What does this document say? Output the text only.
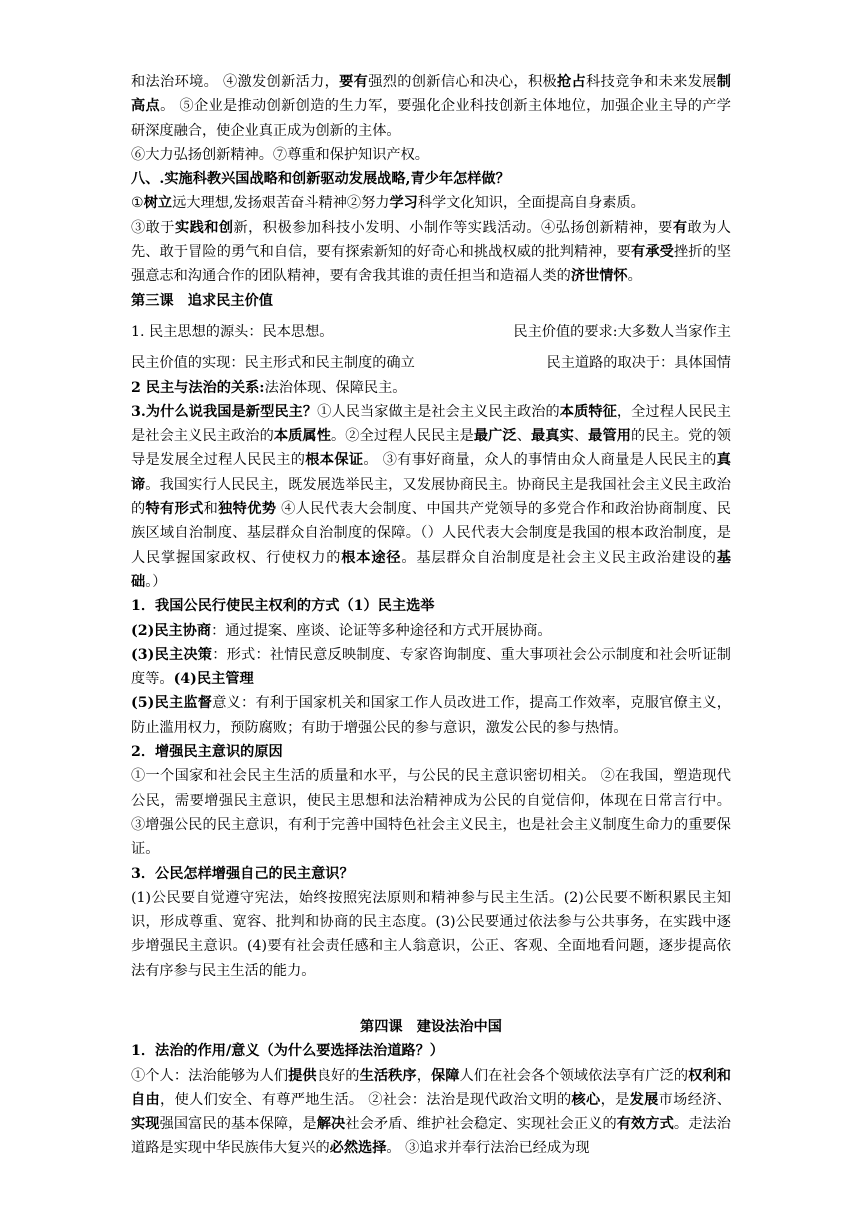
和法治环境。 ④激发创新活力，要有强烈的创新信心和决心，积极抢占科技竞争和未来发展制高点。 ⑤企业是推动创新创造的生力军，要强化企业科技创新主体地位，加强企业主导的产学研深度融合，使企业真正成为创新的主体。

⑥大力弘扬创新精神。⑦尊重和保护知识产权。

八、.实施科教兴国战略和创新驱动发展战略,青少年怎样做？

①树立远大理想,发扬艰苦奋斗精神②努力学习科学文化知识，全面提高自身素质。

③敢于实践和创新，积极参加科技小发明、小制作等实践活动。④弘扬创新精神，要有敢为人先、敢于冒险的勇气和自信，要有探索新知的好奇心和挑战权威的批判精神，要有承受挫折的坚强意志和沟通合作的团队精神，要有舍我其谁的责任担当和造福人类的济世情怀。

第三课　追求民主价值

1. 民主思想的源头：民本思想。	民主价值的要求:大多数人当家作主
民主价值的实现：民主形式和民主制度的确立	民主道路的取决于：具体国情

2 民主与法治的关系:法治体现、保障民主。

3.为什么说我国是新型民主？①人民当家做主是社会主义民主政治的本质特征，全过程人民民主是社会主义民主政治的本质属性。②全过程人民民主是最广泛、最真实、最管用的民主。党的领导是发展全过程人民民主的根本保证。 ③有事好商量，众人的事情由众人商量是人民民主的真谛。我国实行人民民主，既发展选举民主，又发展协商民主。协商民主是我国社会主义民主政治的特有形式和独特优势 ④人民代表大会制度、中国共产党领导的多党合作和政治协商制度、民族区域自治制度、基层群众自治制度的保障。（）人民代表大会制度是我国的根本政治制度，是人民掌握国家政权、行使权力的根本途径。基层群众自治制度是社会主义民主政治建设的基础。）

1．我国公民行使民主权利的方式（1）民主选举

(2)民主协商：通过提案、座谈、论证等多种途径和方式开展协商。

(3)民主决策：形式：社情民意反映制度、专家咨询制度、重大事项社会公示制度和社会听证制度等。(4)民主管理

(5)民主监督意义：有利于国家机关和国家工作人员改进工作，提高工作效率，克服官僚主义，防止滥用权力，预防腐败；有助于增强公民的参与意识，激发公民的参与热情。

2．增强民主意识的原因

①一个国家和社会民主生活的质量和水平，与公民的民主意识密切相关。 ②在我国，塑造现代公民，需要增强民主意识，使民主思想和法治精神成为公民的自觉信仰，体现在日常言行中。 ③增强公民的民主意识，有利于完善中国特色社会主义民主，也是社会主义制度生命力的重要保证。

3．公民怎样增强自己的民主意识？

(1)公民要自觉遵守宪法，始终按照宪法原则和精神参与民主生活。(2)公民要不断积累民主知识，形成尊重、宽容、批判和协商的民主态度。(3)公民要通过依法参与公共事务，在实践中逐步增强民主意识。(4)要有社会责任感和主人翁意识，公正、客观、全面地看问题，逐步提高依法有序参与民主生活的能力。

第四课　建设法治中国

1．法治的作用/意义（为什么要选择法治道路？）

①个人：法治能够为人们提供良好的生活秩序，保障人们在社会各个领域依法享有广泛的权利和自由，使人们安全、有尊严地生活。 ②社会：法治是现代政治文明的核心，是发展市场经济、实现强国富民的基本保障，是解决社会矛盾、维护社会稳定、实现社会正义的有效方式。走法治道路是实现中华民族伟大复兴的必然选择。 ③追求并奉行法治已经成为现
